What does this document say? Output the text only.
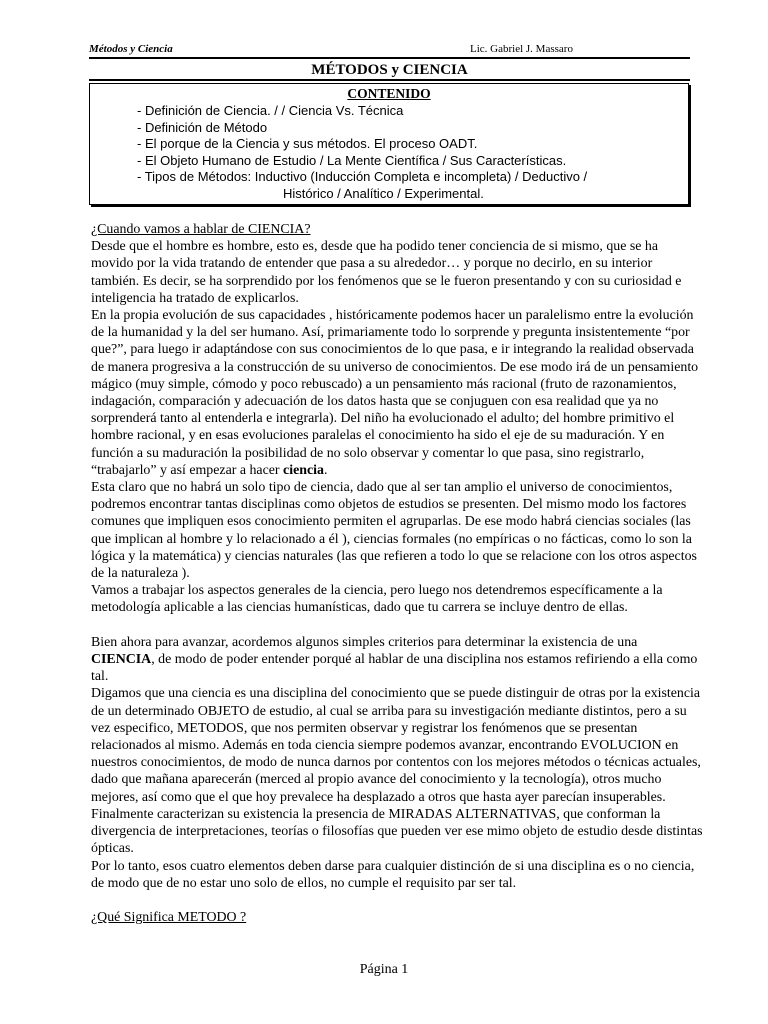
Métodos y Ciencia	Lic. Gabriel J. Massaro
MÉTODOS y CIENCIA
CONTENIDO
- Definición de Ciencia. / / Ciencia Vs. Técnica
- Definición de Método
- El porque de la Ciencia y sus métodos. El proceso OADT.
- El Objeto Humano de Estudio / La Mente Científica / Sus Características.
- Tipos de Métodos: Inductivo (Inducción Completa e incompleta) / Deductivo /
Histórico / Analítico / Experimental.

¿Cuando vamos a hablar de CIENCIA?

Desde que el hombre es hombre, esto es, desde que ha podido tener conciencia de si mismo, que se ha movido por la vida tratando de entender que pasa a su alrededor… y porque no decirlo, en su interior también. Es decir, se ha sorprendido por los fenómenos que se le fueron presentando y con su curiosidad e inteligencia ha tratado de explicarlos.

En la propia evolución de sus capacidades , históricamente podemos hacer un paralelismo entre la evolución de la humanidad y la del ser humano. Así, primariamente todo lo sorprende y pregunta insistentemente “por que?”, para luego ir adaptándose con sus conocimientos de lo que pasa, e ir integrando la realidad observada de manera progresiva a la construcción de su universo de conocimientos. De ese modo irá de un pensamiento mágico (muy simple, cómodo y poco rebuscado) a un pensamiento más racional (fruto de razonamientos, indagación, comparación y adecuación de los datos hasta que se conjuguen con esa realidad que ya no sorprenderá tanto al entenderla e integrarla). Del niño ha evolucionado el adulto; del hombre primitivo el hombre racional, y en esas evoluciones paralelas el conocimiento ha sido el eje de su maduración. Y en función a su maduración la posibilidad de no solo observar y comentar lo que pasa, sino registrarlo, “trabajarlo” y así empezar a hacer ciencia.

Esta claro que no habrá un solo tipo de ciencia, dado que al ser tan amplio el universo de conocimientos, podremos encontrar tantas disciplinas como objetos de estudios se presenten. Del mismo modo los factores comunes que impliquen esos conocimiento permiten el agruparlas. De ese modo habrá ciencias sociales (las que implican al hombre y lo relacionado a él ), ciencias formales (no empíricas o no fácticas, como lo son la lógica y la matemática) y ciencias naturales (las que refieren a todo lo que se relacione con los otros aspectos de la naturaleza ).

Vamos a trabajar los aspectos generales de la ciencia, pero luego nos detendremos específicamente a la metodología aplicable a las ciencias humanísticas, dado que tu carrera se incluye dentro de ellas.

Bien ahora para avanzar, acordemos algunos simples criterios para determinar la existencia de una CIENCIA, de modo de poder entender porqué al hablar de una disciplina nos estamos refiriendo a ella como tal.

Digamos que una ciencia es una disciplina del conocimiento que se puede distinguir de otras por la existencia de un determinado OBJETO de estudio, al cual se arriba para su investigación mediante distintos, pero a su vez especifico, METODOS, que nos permiten observar y registrar los fenómenos que se presentan relacionados al mismo. Además en toda ciencia siempre podemos avanzar, encontrando EVOLUCION en nuestros conocimientos, de modo de nunca darnos por contentos con los mejores métodos o técnicas actuales, dado que mañana aparecerán (merced al propio avance del conocimiento y la tecnología), otros mucho mejores, así como que el que hoy prevalece ha desplazado a otros que hasta ayer parecían insuperables. Finalmente caracterizan su existencia la presencia de MIRADAS ALTERNATIVAS, que conforman la divergencia de interpretaciones, teorías o filosofías que pueden ver ese mimo objeto de estudio desde distintas ópticas.

Por lo tanto, esos cuatro elementos deben darse para cualquier distinción de si una disciplina es o no ciencia, de modo que de no estar uno solo de ellos, no cumple el requisito par ser tal.

¿Qué Significa METODO ?

Página 1
